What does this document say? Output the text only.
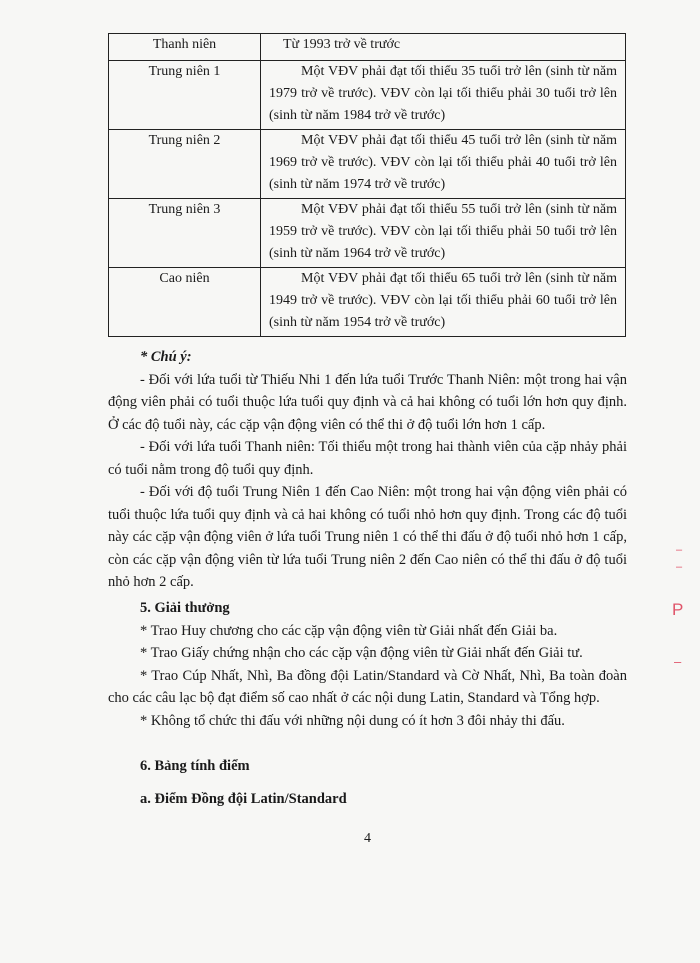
Thanh niên	Từ 1993 trở về trước
Trung niên 1	Một VĐV phải đạt tối thiểu 35 tuổi trở lên (sinh từ năm 1979 trở về trước). VĐV còn lại tối thiểu phải 30 tuổi trở lên (sinh từ năm 1984 trở về trước)

Trung niên 2	Một VĐV phải đạt tối thiểu 45 tuổi trở lên (sinh từ năm 1969 trở về trước). VĐV còn lại tối thiểu phải 40 tuổi trở lên (sinh từ năm 1974 trở về trước)

Trung niên 3	Một VĐV phải đạt tối thiểu 55 tuổi trở lên (sinh từ năm 1959 trở về trước). VĐV còn lại tối thiểu phải 50 tuổi trở lên (sinh từ năm 1964 trở về trước)

Cao niên	Một VĐV phải đạt tối thiểu 65 tuổi trở lên (sinh từ năm 1949 trở về trước). VĐV còn lại tối thiểu phải 60 tuổi trở lên (sinh từ năm 1954 trở về trước)
* Chú ý:
- Đối với lứa tuổi từ Thiếu Nhi 1 đến lứa tuổi Trước Thanh Niên: một trong hai vận động viên phải có tuổi thuộc lứa tuổi quy định và cả hai không có tuổi lớn hơn quy định. Ở các độ tuổi này, các cặp vận động viên có thể thi ở độ tuổi lớn hơn 1 cấp.
- Đối với lứa tuổi Thanh niên: Tối thiểu một trong hai thành viên của cặp nhảy phải có tuổi nằm trong độ tuổi quy định.
- Đối với độ tuổi Trung Niên 1 đến Cao Niên: một trong hai vận động viên phải có tuổi thuộc lứa tuổi quy định và cả hai không có tuổi nhỏ hơn quy định. Trong các độ tuổi này các cặp vận động viên ở lứa tuổi Trung niên 1 có thể thi đấu ở độ tuổi nhỏ hơn 1 cấp, còn các cặp vận động viên từ lứa tuổi Trung niên 2 đến Cao niên có thể thi đấu ở độ tuổi nhỏ hơn 2 cấp.
5. Giải thưởng
* Trao Huy chương cho các cặp vận động viên từ Giải nhất đến Giải ba.
* Trao Giấy chứng nhận cho các cặp vận động viên từ Giải nhất đến Giải tư.
* Trao Cúp Nhất, Nhì, Ba đồng đội Latin/Standard và Cờ Nhất, Nhì, Ba toàn đoàn cho các câu lạc bộ đạt điểm số cao nhất ở các nội dung Latin, Standard và Tổng hợp.
* Không tổ chức thi đấu với những nội dung có ít hơn 3 đôi nhảy thi đấu.
6. Bảng tính điểm
a. Điểm Đồng đội Latin/Standard
4
–
–
P
–
